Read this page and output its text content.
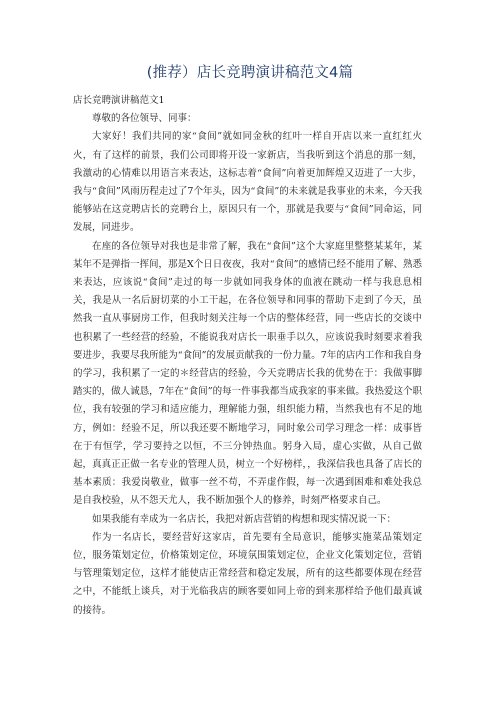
(推荐）店长竞聘演讲稿范文4篇

店长竞聘演讲稿范文1

尊敬的各位领导、同事：

大家好！我们共同的家“食间”就如同金秋的红叶一样自开店以来一直红红火火，有了这样的前景，我们公司即将开设一家新店，当我听到这个消息的那一刻，我激动的心情难以用语言来表达，这标志着“食间”向着更加辉煌又迈进了一大步，我与“食间”风雨历程走过了7个年头，因为“食间”的未来就是我事业的未来，今天我能够站在这竞聘店长的竞聘台上，原因只有一个，那就是我要与“食间”同命运，同发展，同进步。

在座的各位领导对我也是非常了解，我在“食间”这个大家庭里整整某某年，某某年不是弹指一挥间，那是X个日日夜夜，我对“食间”的感情已经不能用了解、熟悉来表达，应该说“食间”走过的每一步就如同我身体的血液在跳动一样与我息息相关，我是从一名后厨切菜的小工干起，在各位领导和同事的帮助下走到了今天，虽然我一直从事厨房工作，但我时刻关注每一个店的整体经营，同一些店长的交谈中也积累了一些经营的经验，不能说我对店长一职垂手以久，应该说我时刻要求着我要进步，我要尽我所能为“食间”的发展贡献我的一份力量。7年的店内工作和我自身的学习，我积累了一定的＊经营店的经验，今天竞聘店长我的优势在于：我做事脚踏实的，做人诚恳，7年在“食间”的每一件事我都当成我家的事来做。我热爱这个职位，我有较强的学习和适应能力，理解能力强，组织能力精，当然我也有不足的地方，例如：经验不足，所以我还要不断地学习，同时象公司学习理念一样：成事皆在于有恒学，学习要持之以恒，不三分钟热血。躬身入局，虚心实做，从自己做起，真真正正做一名专业的管理人员，树立一个好榜样，，我深信我也具备了店长的基本素质：我爱岗敬业，做事一丝不苟，不弄虚作假，每一次遇到困难和难处我总是自我校验，从不怨天尤人，我不断加强个人的修养，时刻严格要求自己。

如果我能有幸成为一名店长，我把对新店营销的构想和现实情况说一下：

作为一名店长，要经营好这家店，首先要有全局意识，能够实施菜品策划定位，服务策划定位，价格策划定位，环境氛围策划定位，企业文化策划定位，营销与管理策划定位，这样才能使店正常经营和稳定发展，所有的这些都要体现在经营之中，不能纸上谈兵，对于光临我店的顾客要如同上帝的到来那样给予他们最真诚的接待。
